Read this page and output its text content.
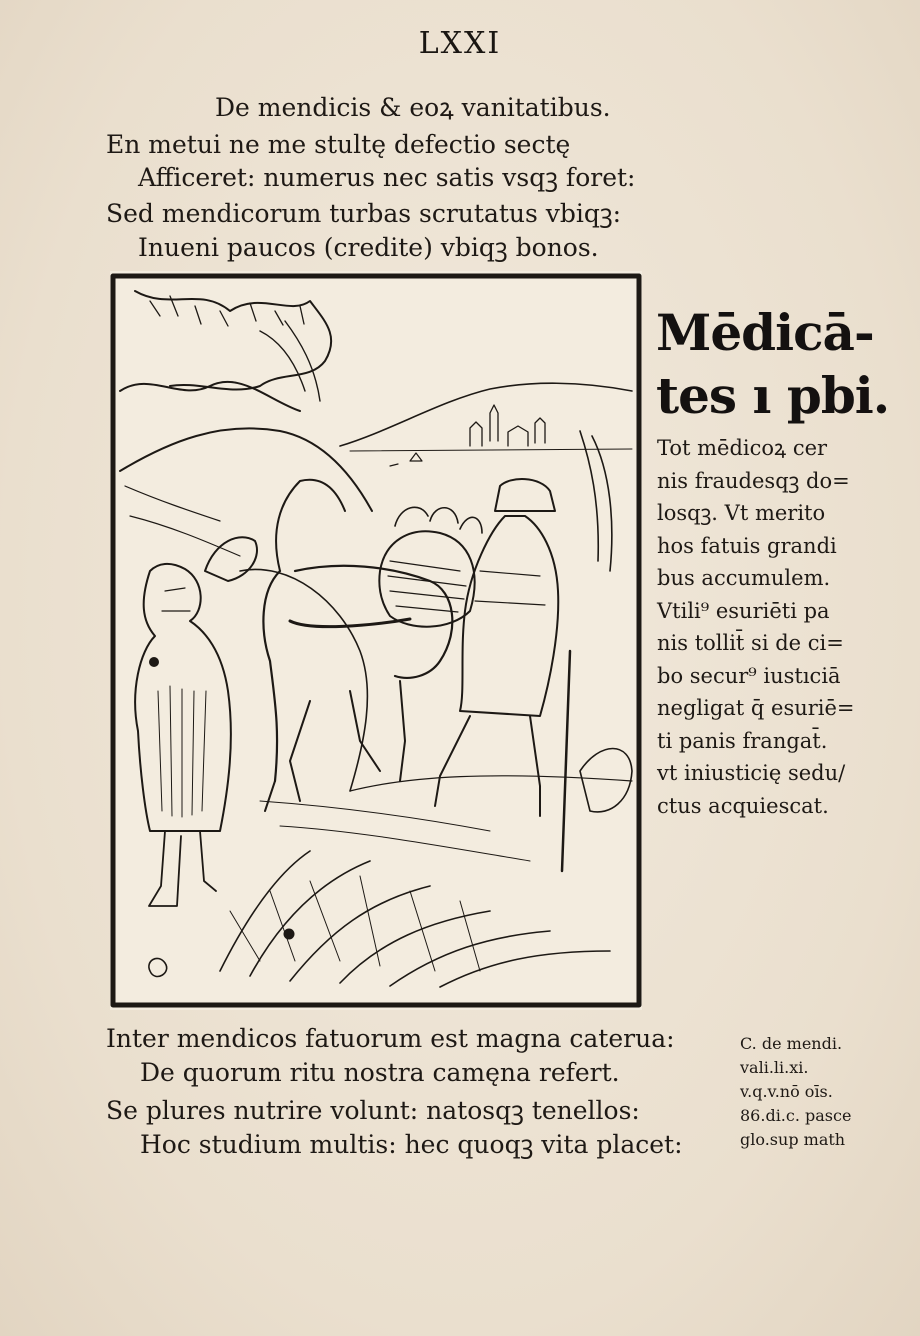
LXXI
De mendicis & eoꝝ vanitatibus.
En metui ne me stultę defectio sectę
Afficeret: numerus nec satis vsqꝫ foret:
Sed mendicorum turbas scrutatus vbiqꝫ:
Inueni paucos (credite) vbiqꝫ bonos.
Mēdicā-
tes ı pbi.
Tot mēdicoꝝ cer
nis fraudesqꝫ do=
losqꝫ. Vt merito
hos fatuis grandi
bus accumulem.
Vtili⁹ esuriēti pa
nis tollit̄ si de ci=
bo secur⁹ iustıciā
negligat q̄ esuriē=
ti panis frangat̄.
vt iniusticię sedu/
ctus acquiescat.
Inter mendicos fatuorum est magna caterua:
De quorum ritu nostra camęna refert.
Se plures nutrire volunt: natosqꝫ tenellos:
Hoc studium multis: hec quoqꝫ vita placet:
C. de mendi.
vali.li.xi.
v.q.v.nō oīs.
86.di.c. pasce
glo.sup math
